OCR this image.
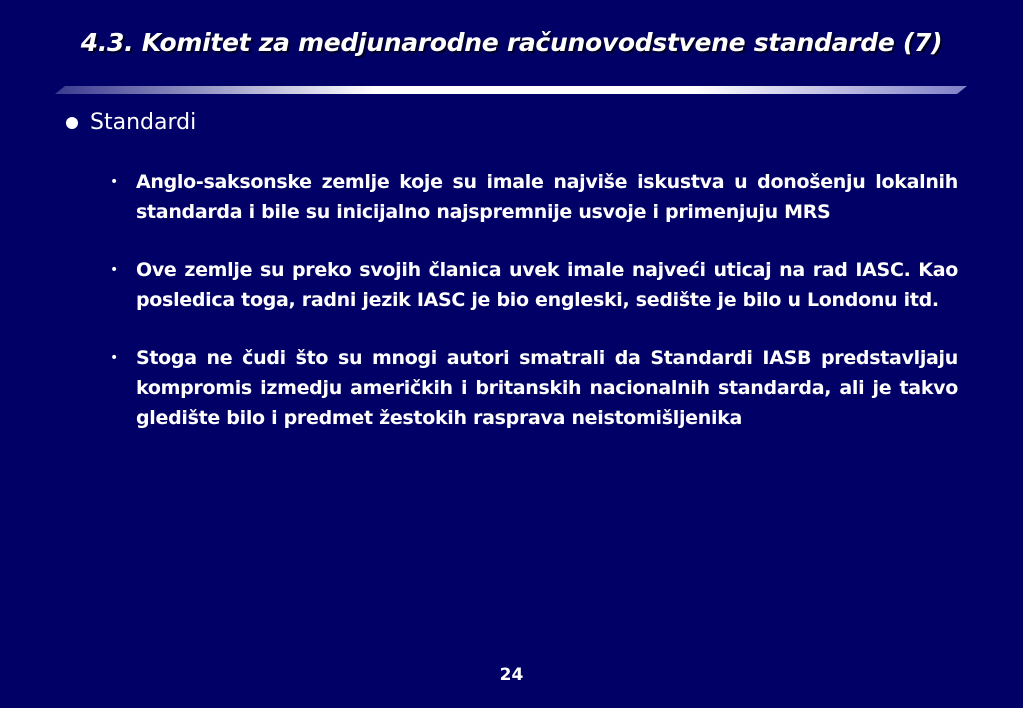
4.3. Komitet za medjunarodne računovodstvene standarde (7)
Standardi
• Anglo-saksonske zemlje koje su imale najviše iskustva u donošenju lokalnih standarda i bile su inicijalno najspremnije usvoje i primenjuju MRS
• Ove zemlje su preko svojih članica uvek imale najveći uticaj na rad IASC. Kao posledica toga, radni jezik IASC je bio engleski, sedište je bilo u Londonu itd.
• Stoga ne čudi što su mnogi autori smatrali da Standardi IASB predstavljaju kompromis izmedju američkih i britanskih nacionalnih standarda, ali je takvo gledište bilo i predmet žestokih rasprava neistomišljenika
24
